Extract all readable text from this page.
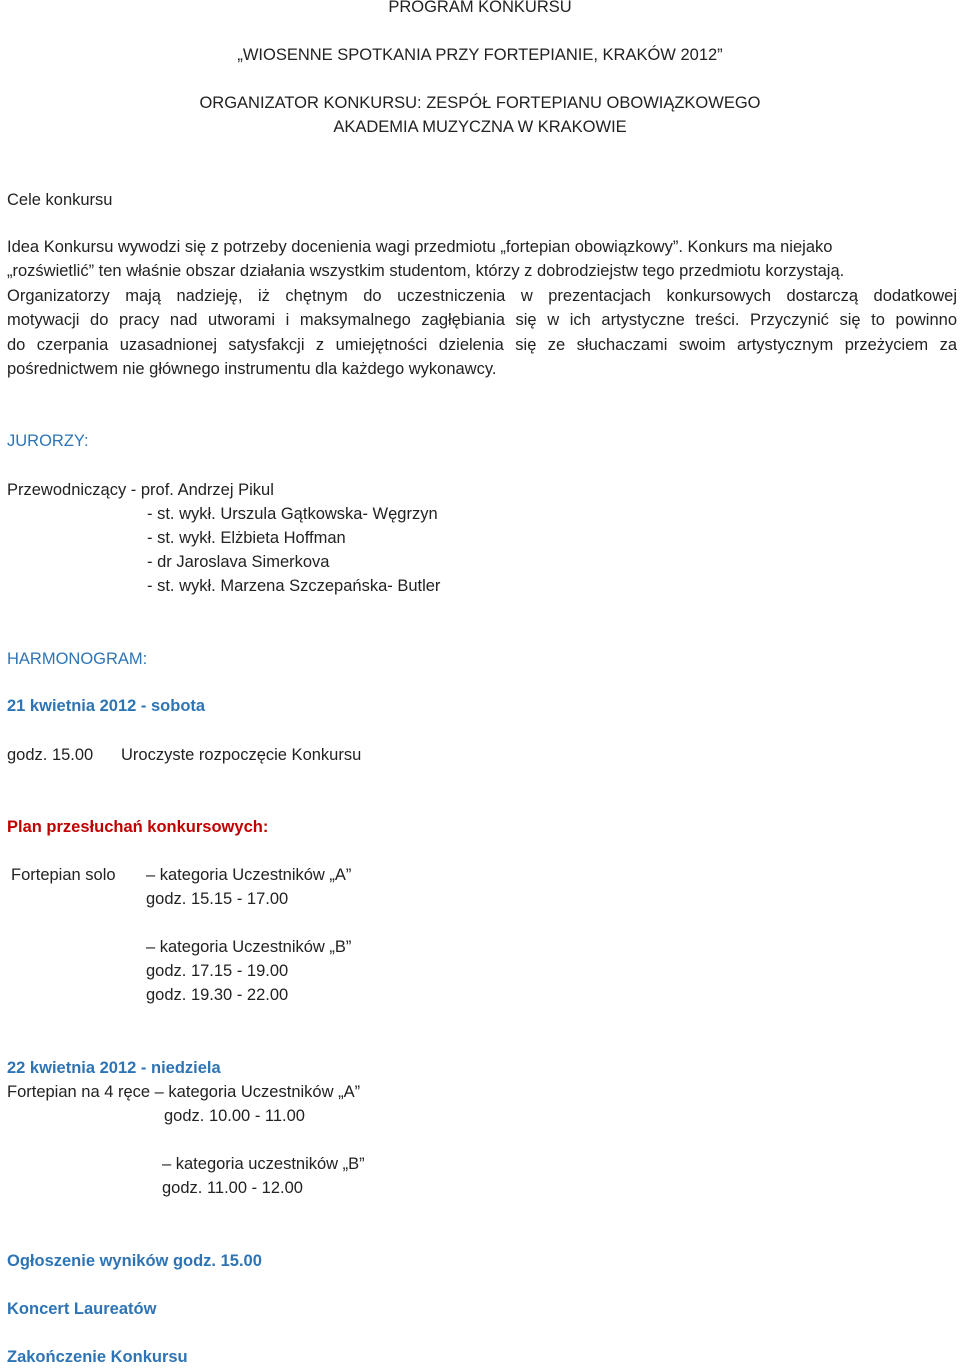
PROGRAM KONKURSU
„WIOSENNE SPOTKANIA PRZY FORTEPIANIE, KRAKÓW 2012”
ORGANIZATOR KONKURSU: ZESPÓŁ FORTEPIANU OBOWIĄZKOWEGO
AKADEMIA MUZYCZNA W KRAKOWIE
Cele konkursu
Idea Konkursu wywodzi się z potrzeby docenienia wagi przedmiotu „fortepian obowiązkowy”. Konkurs ma niejako
„rozświetlić” ten właśnie obszar działania wszystkim studentom, którzy z dobrodziejstw tego przedmiotu korzystają.
Organizatorzy mają nadzieję, iż chętnym do uczestniczenia w prezentacjach konkursowych dostarczą dodatkowej
motywacji do pracy nad utworami i maksymalnego zagłębiania się w ich artystyczne treści. Przyczynić się to powinno
do czerpania uzasadnionej satysfakcji z umiejętności dzielenia się ze słuchaczami swoim artystycznym przeżyciem za
pośrednictwem nie głównego instrumentu dla każdego wykonawcy.
JURORZY:
Przewodniczący - prof. Andrzej Pikul
- st. wykł. Urszula Gątkowska- Węgrzyn
- st. wykł. Elżbieta Hoffman
- dr Jaroslava Simerkova
- st. wykł. Marzena Szczepańska- Butler
HARMONOGRAM:
21 kwietnia 2012 - sobota
godz. 15.00 Uroczyste rozpoczęcie Konkursu
Plan przesłuchań konkursowych:
Fortepian solo – kategoria Uczestników „A”
godz. 15.15 - 17.00
– kategoria Uczestników „B”
godz. 17.15 - 19.00
godz. 19.30 - 22.00
22 kwietnia 2012 - niedziela
Fortepian na 4 ręce – kategoria Uczestników „A”
godz. 10.00 - 11.00
– kategoria uczestników „B”
godz. 11.00 - 12.00
Ogłoszenie wyników godz. 15.00
Koncert Laureatów
Zakończenie Konkursu
